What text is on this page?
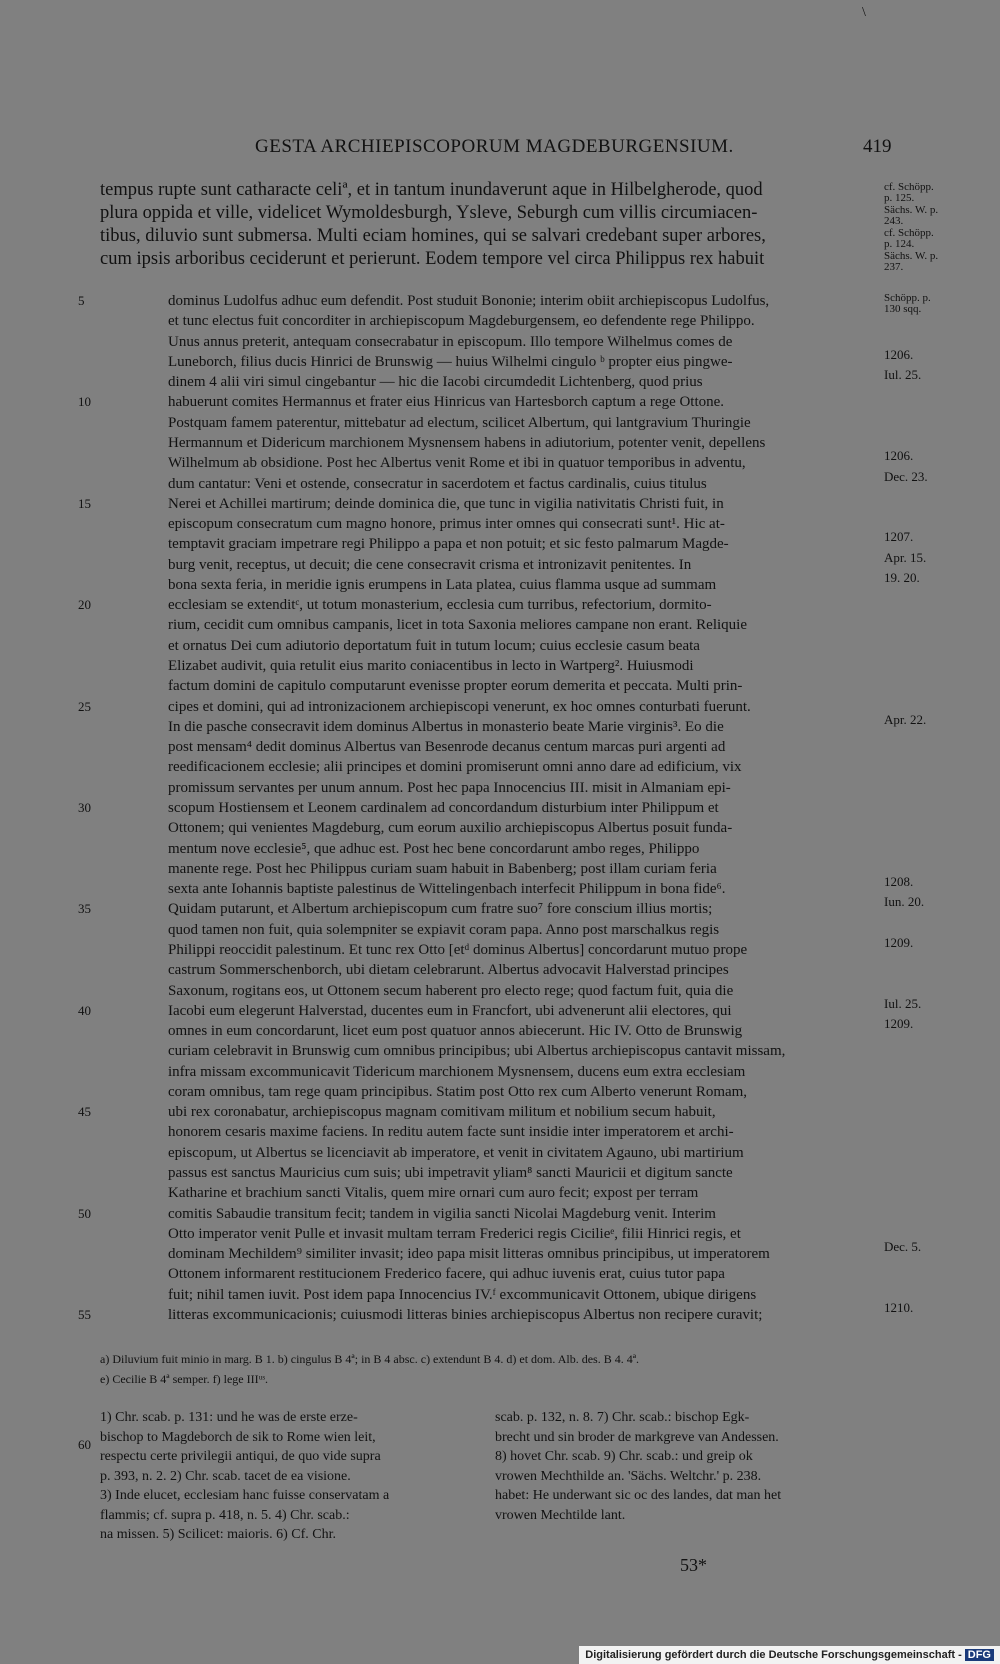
\
GESTA ARCHIEPISCOPORUM MAGDEBURGENSIUM.	419
tempus rupte sunt catharacte celiª, et in tantum inundaverunt aque in Hilbelgherode, quod	cf. Schöpp. p. 125.
plura oppida et ville, videlicet Wymoldesburgh, Ysleve, Seburgh cum villis circumiacen-	Sächs. W. p. 243.
tibus, diluvio sunt submersa. Multi eciam homines, qui se salvari credebant super arbores,	cf. Schöpp. p. 124.
cum ipsis arboribus ceciderunt et perierunt. Eodem tempore vel circa Philippus rex habuit	Sächs. W. p. 237.
dominus Ludolfus adhuc eum defendit. Post studuit Bononie; interim obiit archiepiscopus Ludolfus,
et tunc electus fuit concorditer in archiepiscopum Magdeburgensem, eo defendente rege Philippo.
Unus annus preterit, antequam consecrabatur in episcopum. Illo tempore Wilhelmus comes de
Luneborch, filius ducis Hinrici de Brunswig — huius Wilhelmi cingulo ᵇ propter eius pingwe-
dinem 4 alii viri simul cingebantur — hic die Iacobi circumdedit Lichtenberg, quod prius
habuerunt comites Hermannus et frater eius Hinricus van Hartesborch captum a rege Ottone.
Postquam famem paterentur, mittebatur ad electum, scilicet Albertum, qui lantgravium Thuringie
Hermannum et Didericum marchionem Mysnensem habens in adiutorium, potenter venit, depellens
Wilhelmum ab obsidione. Post hec Albertus venit Rome et ibi in quatuor temporibus in adventu,
dum cantatur: Veni et ostende, consecratur in sacerdotem et factus cardinalis, cuius titulus
Nerei et Achillei martirum; deinde dominica die, que tunc in vigilia nativitatis Christi fuit, in
episcopum consecratum cum magno honore, primus inter omnes qui consecrati sunt¹. Hic at-
temptavit graciam impetrare regi Philippo a papa et non potuit; et sic festo palmarum Magde-
burg venit, receptus, ut decuit; die cene consecravit crisma et intronizavit penitentes. In
bona sexta feria, in meridie ignis erumpens in Lata platea, cuius flamma usque ad summam
ecclesiam se extenditᶜ, ut totum monasterium, ecclesia cum turribus, refectorium, dormito-
rium, cecidit cum omnibus campanis, licet in tota Saxonia meliores campane non erant. Reliquie
et ornatus Dei cum adiutorio deportatum fuit in tutum locum; cuius ecclesie casum beata
Elizabet audivit, quia retulit eius marito coniacentibus in lecto in Wartperg². Huiusmodi
factum domini de capitulo computarunt evenisse propter eorum demerita et peccata. Multi prin-
cipes et domini, qui ad intronizacionem archiepiscopi venerunt, ex hoc omnes conturbati fuerunt.
In die pasche consecravit idem dominus Albertus in monasterio beate Marie virginis³. Eo die
post mensam⁴ dedit dominus Albertus van Besenrode decanus centum marcas puri argenti ad
reedificacionem ecclesie; alii principes et domini promiserunt omni anno dare ad edificium, vix
promissum servantes per unum annum. Post hec papa Innocencius III. misit in Almaniam epi-
scopum Hostiensem et Leonem cardinalem ad concordandum disturbium inter Philippum et
Ottonem; qui venientes Magdeburg, cum eorum auxilio archiepiscopus Albertus posuit funda-
mentum nove ecclesie⁵, que adhuc est. Post hec bene concordarunt ambo reges, Philippo
manente rege. Post hec Philippus curiam suam habuit in Babenberg; post illam curiam feria
sexta ante Iohannis baptiste palestinus de Wittelingenbach interfecit Philippum in bona fide⁶.
Quidam putarunt, et Albertum archiepiscopum cum fratre suo⁷ fore conscium illius mortis;
quod tamen non fuit, quia solempniter se expiavit coram papa. Anno post marschalkus regis
Philippi reoccidit palestinum. Et tunc rex Otto [etᵈ dominus Albertus] concordarunt mutuo prope
castrum Sommerschenborch, ubi dietam celebrarunt. Albertus advocavit Halverstad principes
Saxonum, rogitans eos, ut Ottonem secum haberent pro electo rege; quod factum fuit, quia die
Iacobi eum elegerunt Halverstad, ducentes eum in Francfort, ubi advenerunt alii electores, qui
omnes in eum concordarunt, licet eum post quatuor annos abiecerunt. Hic IV. Otto de Brunswig
curiam celebravit in Brunswig cum omnibus principibus; ubi Albertus archiepiscopus cantavit missam,
infra missam excommunicavit Tidericum marchionem Mysnensem, ducens eum extra ecclesiam
coram omnibus, tam rege quam principibus. Statim post Otto rex cum Alberto venerunt Romam,
ubi rex coronabatur, archiepiscopus magnam comitivam militum et nobilium secum habuit,
honorem cesaris maxime faciens. In reditu autem facte sunt insidie inter imperatorem et archi-
episcopum, ut Albertus se licenciavit ab imperatore, et venit in civitatem Agauno, ubi martirium
passus est sanctus Mauricius cum suis; ubi impetravit yliam⁸ sancti Mauricii et digitum sancte
Katharine et brachium sancti Vitalis, quem mire ornari cum auro fecit; expost per terram
comitis Sabaudie transitum fecit; tandem in vigilia sancti Nicolai Magdeburg venit. Interim
Otto imperator venit Pulle et invasit multam terram Frederici regis Cicilieᵉ, filii Hinrici regis, et
dominam Mechildem⁹ similiter invasit; ideo papa misit litteras omnibus principibus, ut imperatorem
Ottonem informarent restitucionem Frederico facere, qui adhuc iuvenis erat, cuius tutor papa
fuit; nihil tamen iuvit. Post idem papa Innocencius IV.ᶠ excommunicavit Ottonem, ubique dirigens
litteras excommunicacionis; cuiusmodi litteras binies archiepiscopus Albertus non recipere curavit;
Schöpp. p. 130 sqq.
1206.
Iul. 25.
1206.
Dec. 23.
1207.
Apr. 15.
19. 20.
Apr. 22.
1208.
Iun. 20.
1209.
Iul. 25.
1209.
Dec. 5.
1210.
5
10
15
20
25
30
35
40
45
50
55
60
a) Diluvium fuit minio in marg. B 1. b) cingulus B 4ª; in B 4 absc. c) extendunt B 4. d) et dom. Alb. des. B 4. 4ª.
e) Cecilie B 4ª semper. f) lege IIIᵘˢ.
1) Chr. scab. p. 131: und he was de erste erze-
bischop to Magdeborch de sik to Rome wien leit,
respectu certe privilegii antiqui, de quo vide supra
p. 393, n. 2. 2) Chr. scab. tacet de ea visione.
3) Inde elucet, ecclesiam hanc fuisse conservatam a
flammis; cf. supra p. 418, n. 5. 4) Chr. scab.:
na missen. 5) Scilicet: maioris. 6) Cf. Chr.
scab. p. 132, n. 8. 7) Chr. scab.: bischop Egk-
brecht und sin broder de markgreve van Andessen.
8) hovet Chr. scab. 9) Chr. scab.: und greip ok
vrowen Mechthilde an. 'Sächs. Weltchr.' p. 238.
habet: He underwant sic oc des landes, dat man het
vrowen Mechtilde lant.
53*
Digitalisierung gefördert durch die Deutsche Forschungsgemeinschaft - DFG
